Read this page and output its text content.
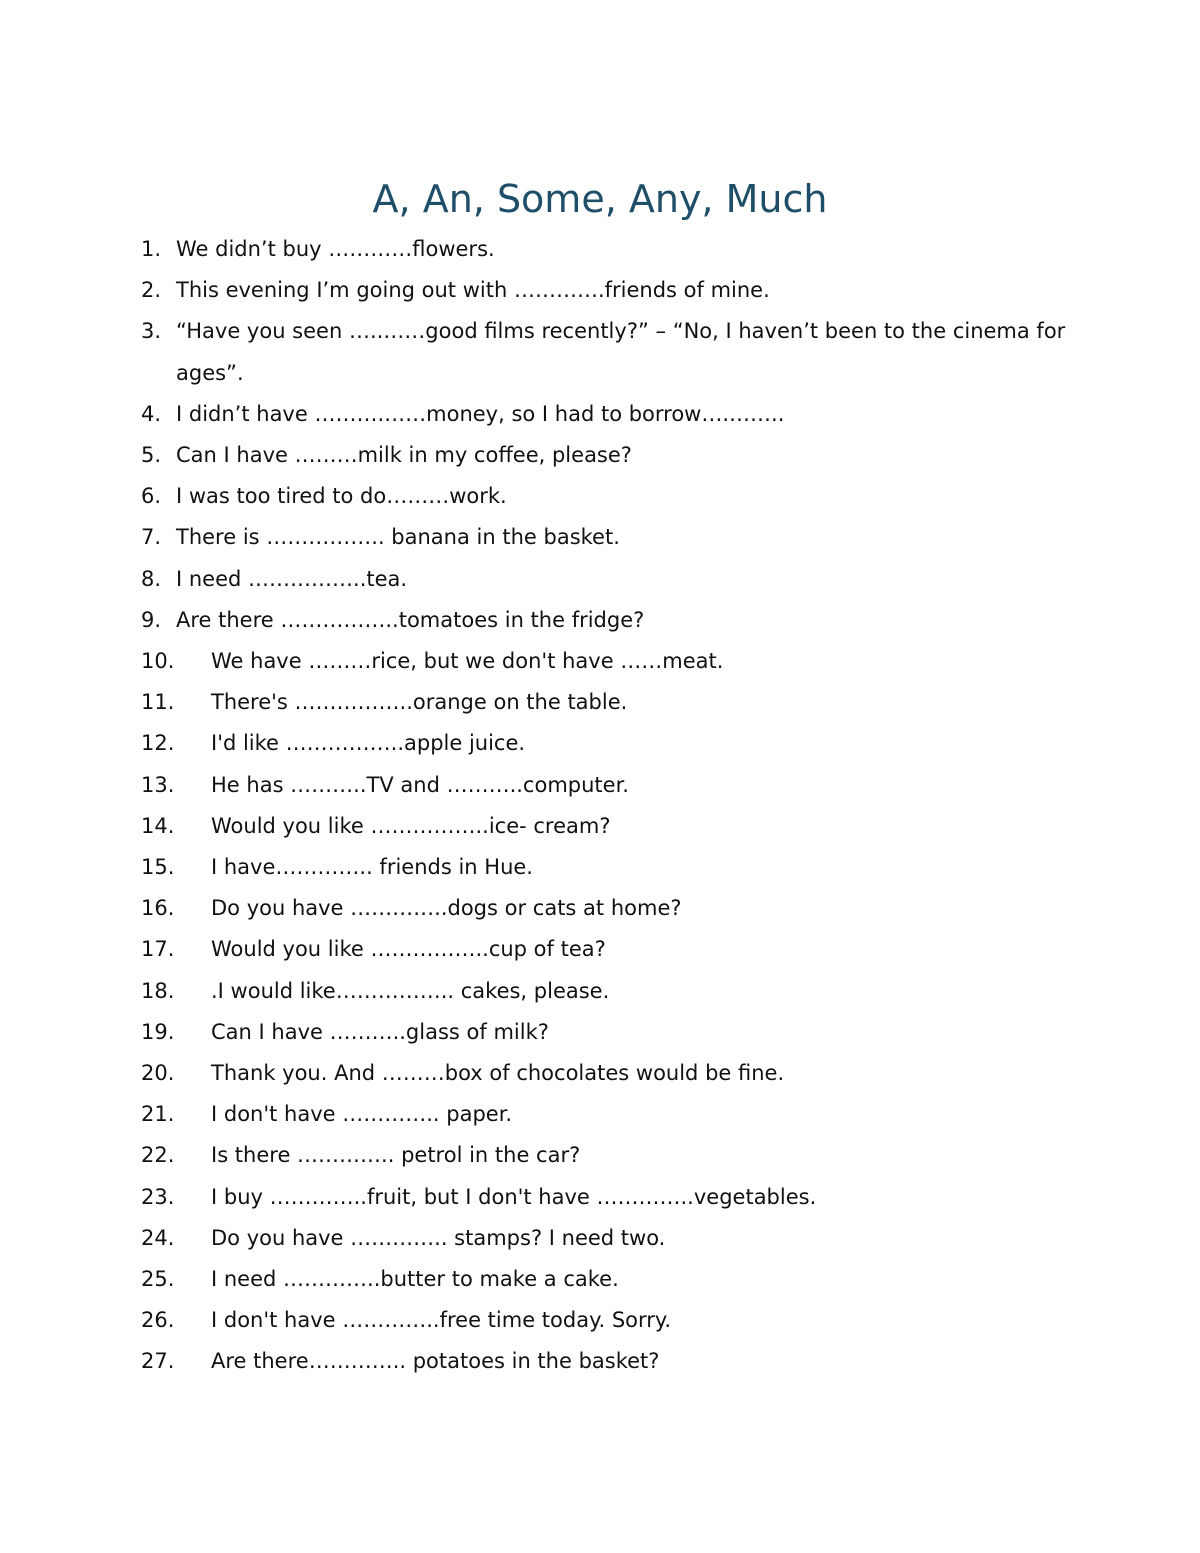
A, An, Some, Any, Much
1. We didn’t buy …………flowers.
2. This evening I’m going out with ………….friends of mine.
3. “Have you seen …..……good films recently?” – “No, I haven’t been to the cinema for ages”.
4. I didn’t have ……….……money, so I had to borrow….……..
5. Can I have ………milk in my coffee, please?
6. I was too tired to do………work.
7. There is …………….. banana in the basket.
8. I need ……………..tea.
9. Are there ……………..tomatoes in the fridge?
10. We have ………rice, but we don't have ……meat.
11. There's ……………..orange on the table.
12. I'd like ……………..apple juice.
13. He has ………..TV and ………..computer.
14. Would you like ……………..ice- cream?
15. I have………….. friends in Hue.
16. Do you have …………..dogs or cats at home?
17. Would you like ……………..cup of tea?
18. .I would like…………….. cakes, please.
19. Can I have ………..glass of milk?
20. Thank you. And ………box of chocolates would be fine.
21. I don't have ………….. paper.
22. Is there ………….. petrol in the car?
23. I buy …………..fruit, but I don't have …………..vegetables.
24. Do you have ………….. stamps? I need two.
25. I need …………..butter to make a cake.
26. I don't have …………..free time today. Sorry.
27. Are there………….. potatoes in the basket?
